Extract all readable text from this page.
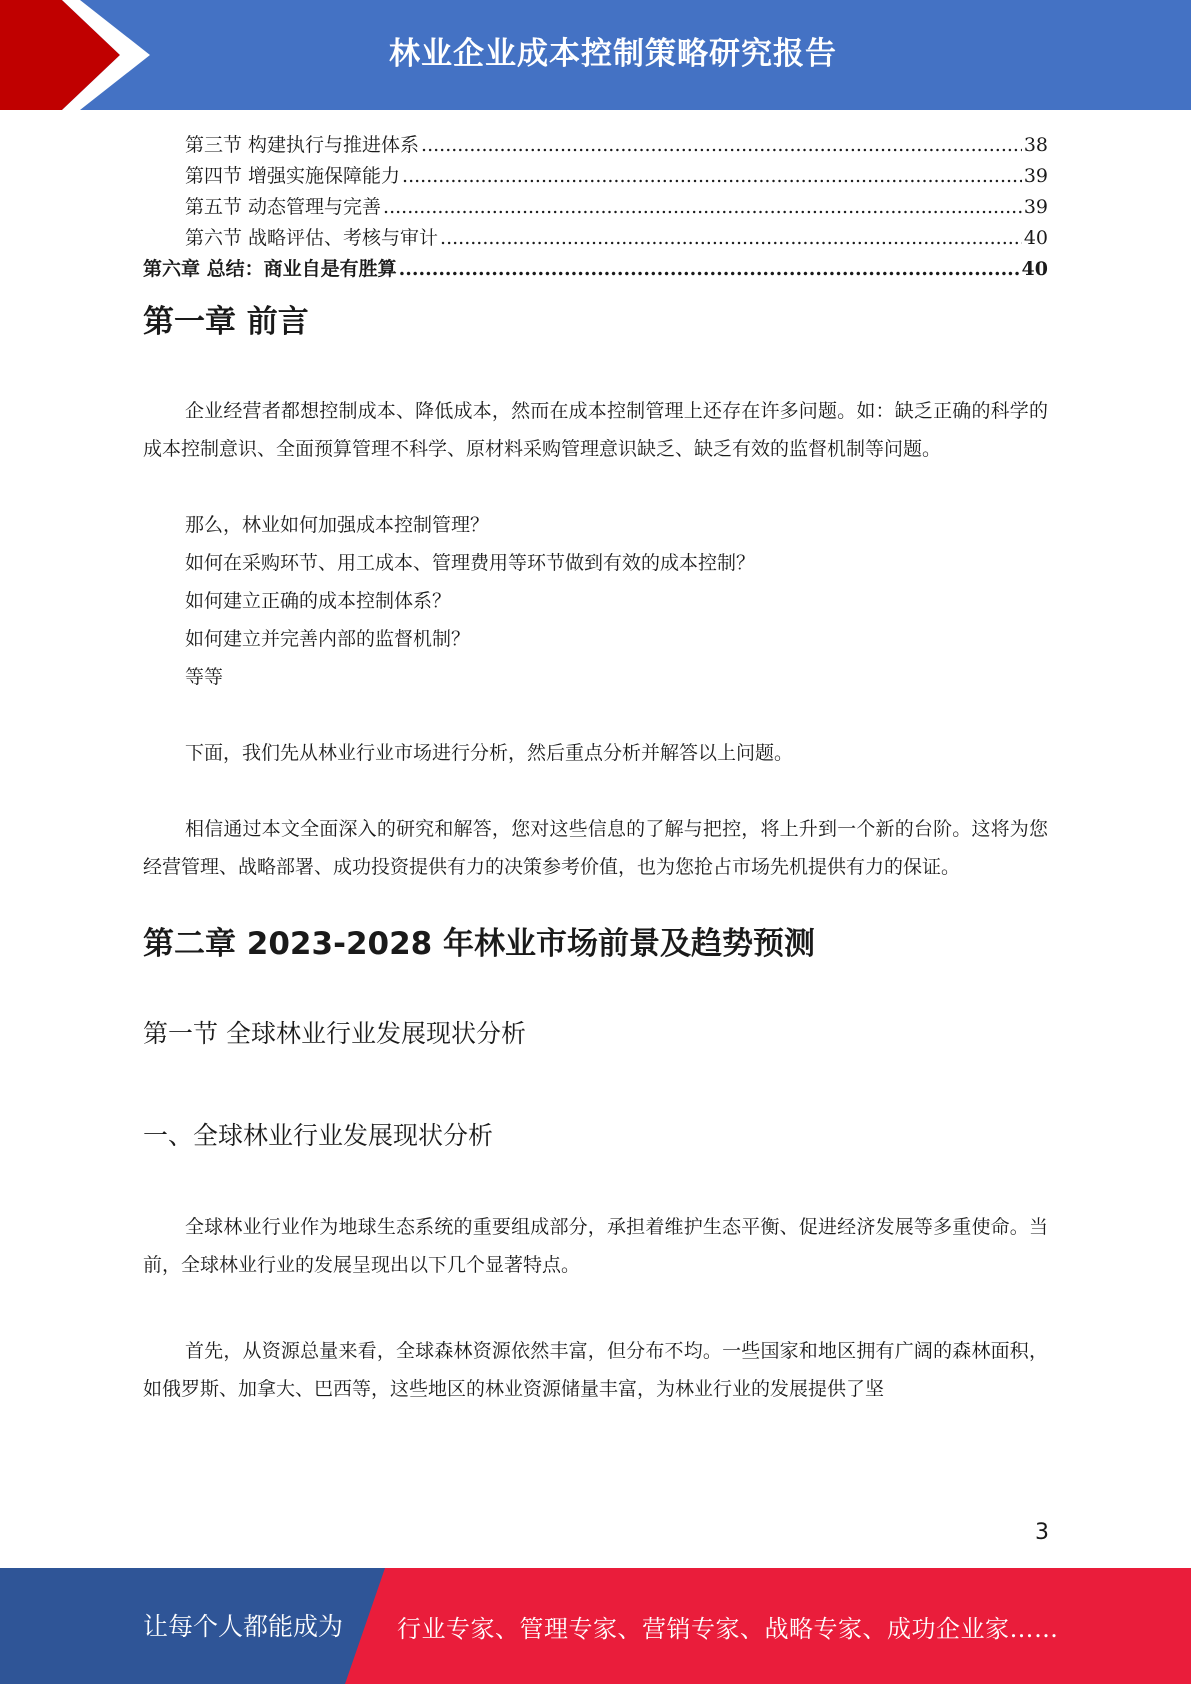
林业企业成本控制策略研究报告
第三节 构建执行与推进体系 .....	38
第四节 增强实施保障能力 .....	39
第五节 动态管理与完善 .....	39
第六节 战略评估、考核与审计 .....	40
第六章 总结：商业自是有胜算 .....	40
第一章 前言

企业经营者都想控制成本、降低成本，然而在成本控制管理上还存在许多问题。如：缺乏正确的科学的成本控制意识、全面预算管理不科学、原材料采购管理意识缺乏、缺乏有效的监督机制等问题。

那么，林业如何加强成本控制管理？
如何在采购环节、用工成本、管理费用等环节做到有效的成本控制？
如何建立正确的成本控制体系？
如何建立并完善内部的监督机制？
等等

下面，我们先从林业行业市场进行分析，然后重点分析并解答以上问题。

相信通过本文全面深入的研究和解答，您对这些信息的了解与把控，将上升到一个新的台阶。这将为您经营管理、战略部署、成功投资提供有力的决策参考价值，也为您抢占市场先机提供有力的保证。

第二章 2023-2028 年林业市场前景及趋势预测
第一节 全球林业行业发展现状分析
一、全球林业行业发展现状分析

全球林业行业作为地球生态系统的重要组成部分，承担着维护生态平衡、促进经济发展等多重使命。当前，全球林业行业的发展呈现出以下几个显著特点。

首先，从资源总量来看，全球森林资源依然丰富，但分布不均。一些国家和地区拥有广阔的森林面积，如俄罗斯、加拿大、巴西等，这些地区的林业资源储量丰富，为林业行业的发展提供了坚

3
让每个人都能成为 行业专家、管理专家、营销专家、战略专家、成功企业家……
